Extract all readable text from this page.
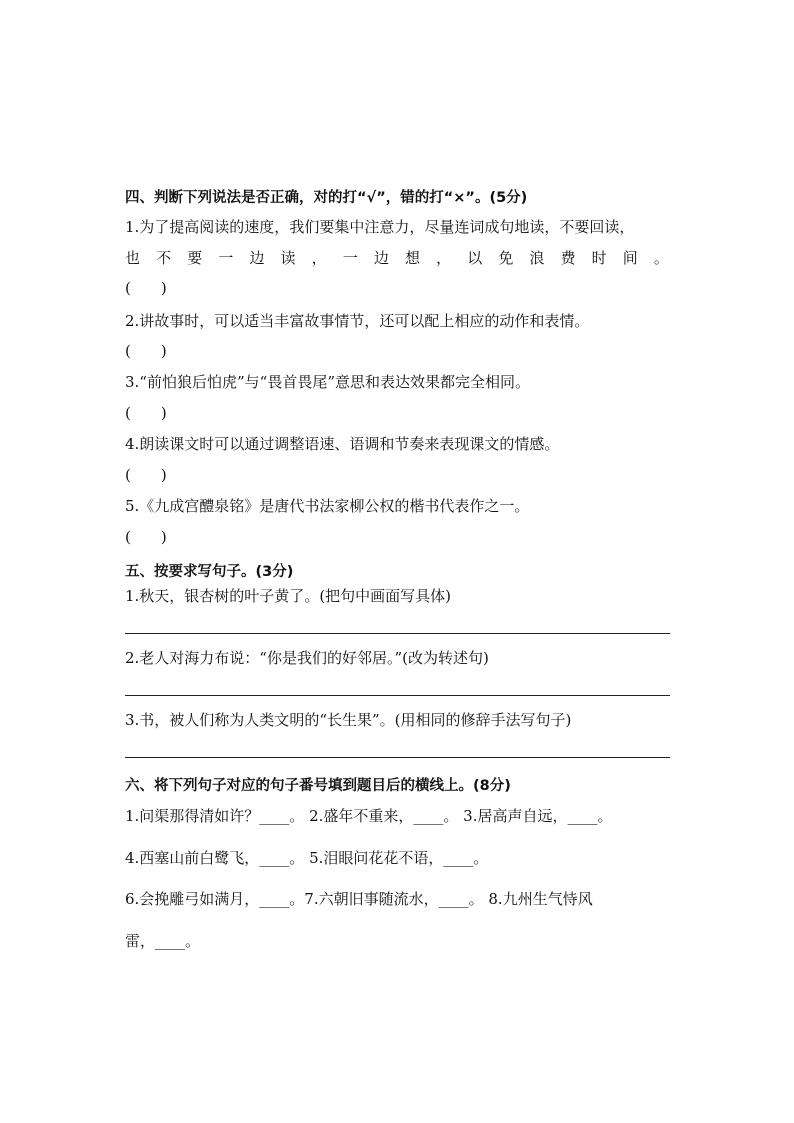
四、判断下列说法是否正确，对的打“√”，错的打“×”。(5分)
1.为了提高阅读的速度，我们要集中注意力，尽量连词成句地读，不要回读，
也 不 要 一 边 读 ， 一 边 想 ， 以 免 浪 费 时 间 。
(　　)
2.讲故事时，可以适当丰富故事情节，还可以配上相应的动作和表情。
(　　)
3.“前怕狼后怕虎”与“畏首畏尾”意思和表达效果都完全相同。
(　　)
4.朗读课文时可以通过调整语速、语调和节奏来表现课文的情感。
(　　)
5.《九成宫醴泉铭》是唐代书法家柳公权的楷书代表作之一。
(　　)
五、按要求写句子。(3分)
1.秋天，银杏树的叶子黄了。(把句中画面写具体)
2.老人对海力布说：“你是我们的好邻居。”(改为转述句)
3.书，被人们称为人类文明的“长生果”。(用相同的修辞手法写句子)
六、将下列句子对应的句子番号填到题目后的横线上。(8分)
1.问渠那得清如许？____。 2.盛年不重来，____。 3.居高声自远，____。
4.西塞山前白鹭飞，____。 5.泪眼问花花不语，____。
6.会挽雕弓如满月，____。7.六朝旧事随流水，____。 8.九州生气恃风
雷，____。
